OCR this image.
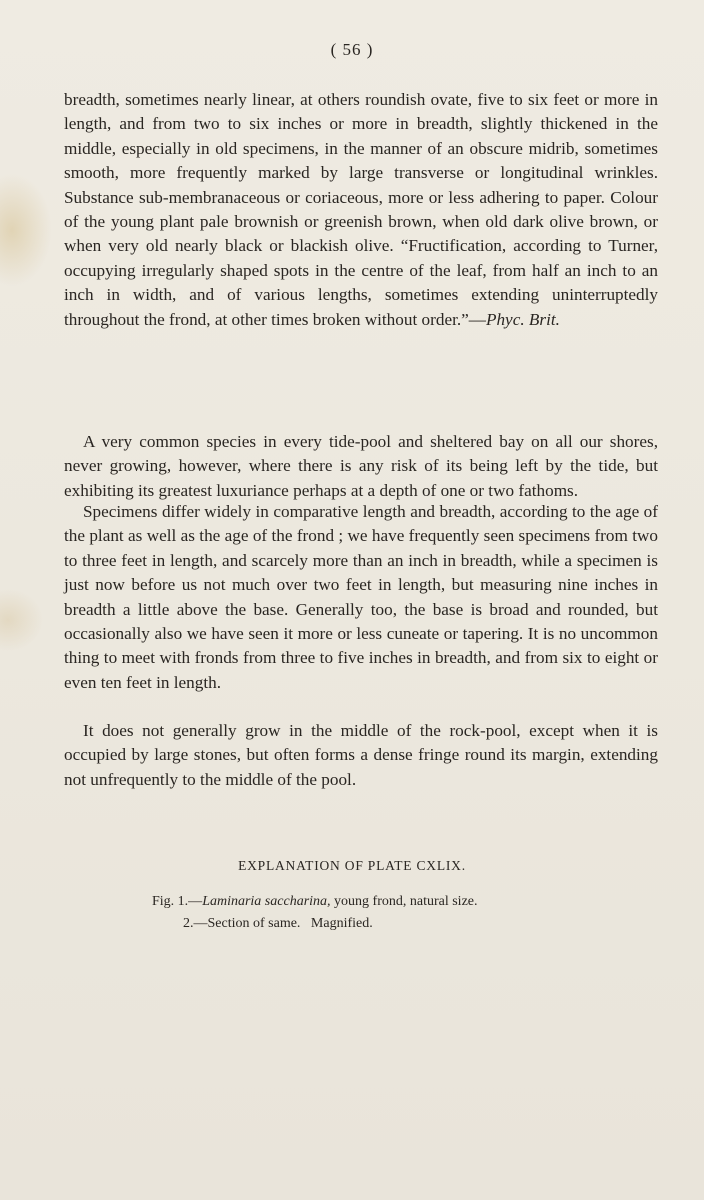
( 56 )

breadth, sometimes nearly linear, at others roundish ovate, five to six feet or more in length, and from two to six inches or more in breadth, slightly thickened in the middle, especially in old specimens, in the manner of an obscure midrib, sometimes smooth, more frequently marked by large transverse or longitudinal wrinkles. Substance sub-membranaceous or coriaceous, more or less adhering to paper. Colour of the young plant pale brownish or greenish brown, when old dark olive brown, or when very old nearly black or blackish olive. “Fructification, according to Turner, occupying irregularly shaped spots in the centre of the leaf, from half an inch to an inch in width, and of various lengths, sometimes extending uninterruptedly throughout the frond, at other times broken without order.”—Phyc. Brit.

A very common species in every tide-pool and sheltered bay on all our shores, never growing, however, where there is any risk of its being left by the tide, but exhibiting its greatest luxuriance perhaps at a depth of one or two fathoms.

Specimens differ widely in comparative length and breadth, according to the age of the plant as well as the age of the frond ; we have frequently seen specimens from two to three feet in length, and scarcely more than an inch in breadth, while a specimen is just now before us not much over two feet in length, but measuring nine inches in breadth a little above the base. Generally too, the base is broad and rounded, but occasionally also we have seen it more or less cuneate or tapering. It is no uncommon thing to meet with fronds from three to five inches in breadth, and from six to eight or even ten feet in length.

It does not generally grow in the middle of the rock-pool, except when it is occupied by large stones, but often forms a dense fringe round its margin, extending not unfrequently to the middle of the pool.

EXPLANATION OF PLATE CXLIX.
Fig. 1.—Laminaria saccharina, young frond, natural size.
2.—Section of same.   Magnified.
